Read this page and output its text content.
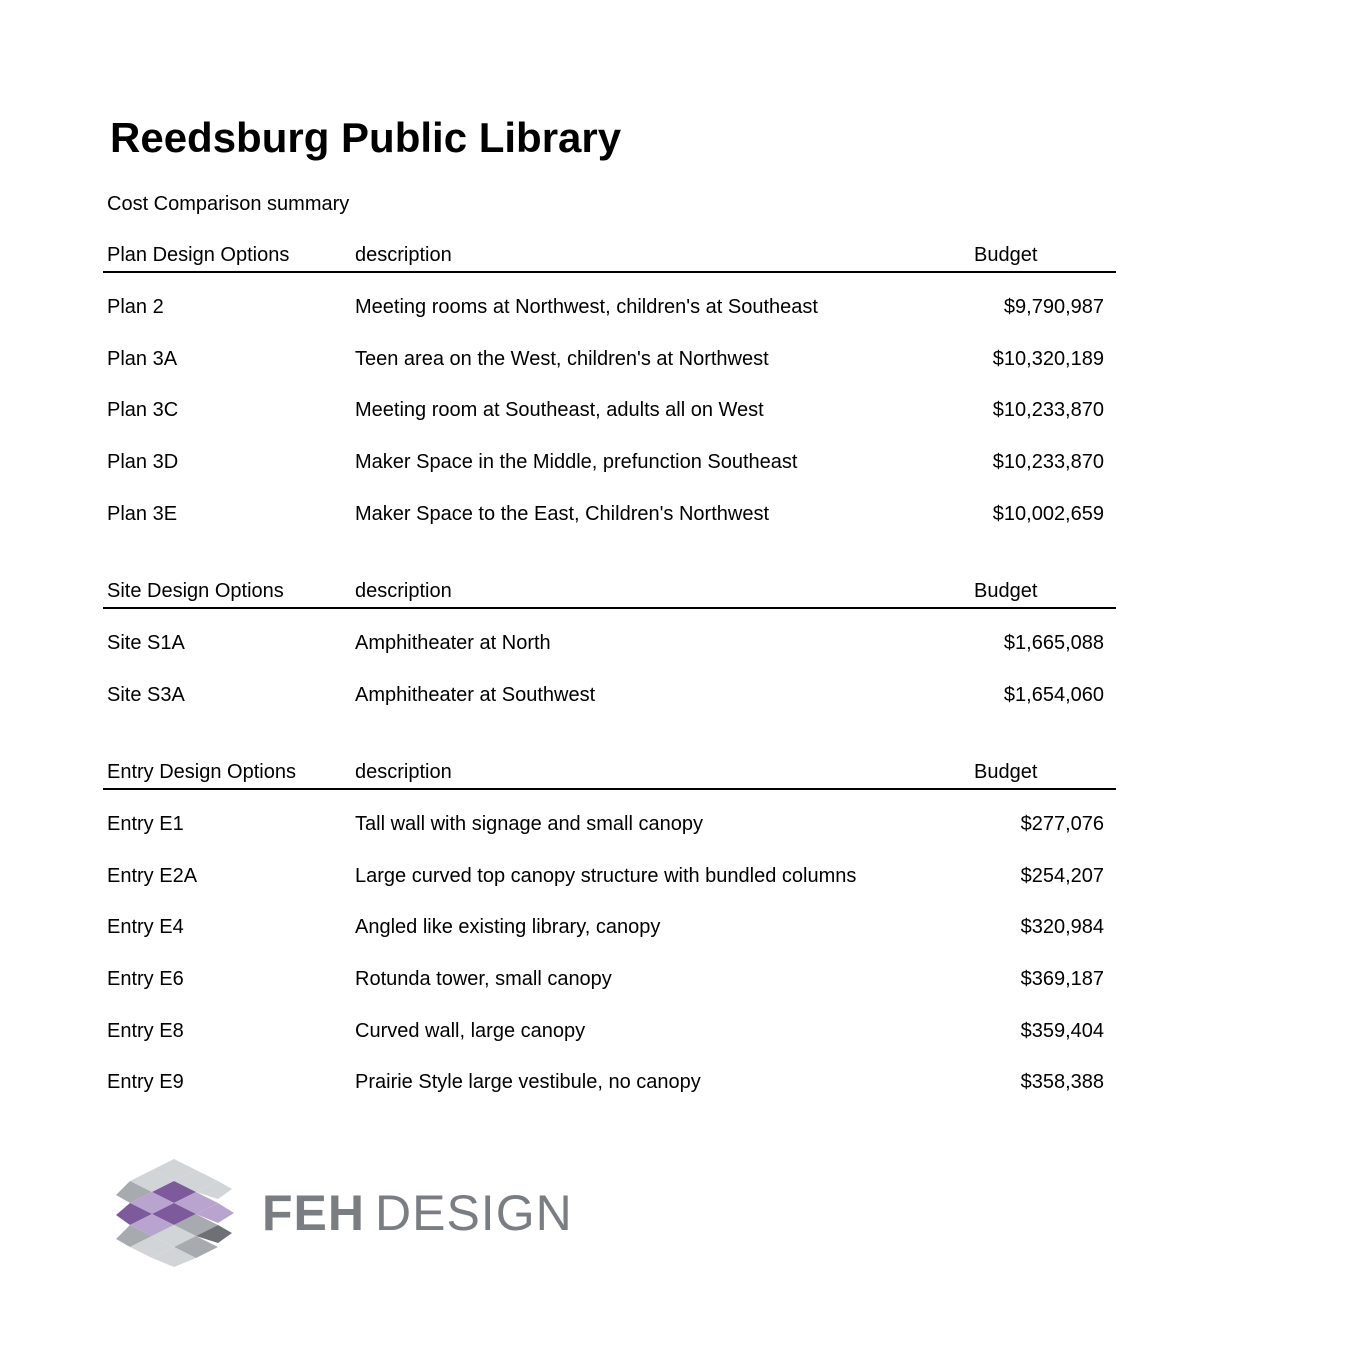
Reedsburg Public Library
Cost Comparison summary
Plan Design Options	description	Budget
Plan 2	Meeting rooms at Northwest, children's at Southeast	$9,790,987
Plan 3A	Teen area on the West, children's at Northwest	$10,320,189
Plan 3C	Meeting room at Southeast, adults all on West	$10,233,870
Plan 3D	Maker Space in the Middle, prefunction Southeast	$10,233,870
Plan 3E	Maker Space to the East, Children's Northwest	$10,002,659
Site Design Options	description	Budget
Site S1A	Amphitheater at North	$1,665,088
Site S3A	Amphitheater at Southwest	$1,654,060
Entry Design Options	description	Budget
Entry E1	Tall wall with signage and small canopy	$277,076
Entry E2A	Large curved top canopy structure with bundled columns	$254,207
Entry E4	Angled like existing library, canopy	$320,984
Entry E6	Rotunda tower, small canopy	$369,187
Entry E8	Curved wall, large canopy	$359,404
Entry E9	Prairie Style large vestibule, no canopy	$358,388
FEH DESIGN
